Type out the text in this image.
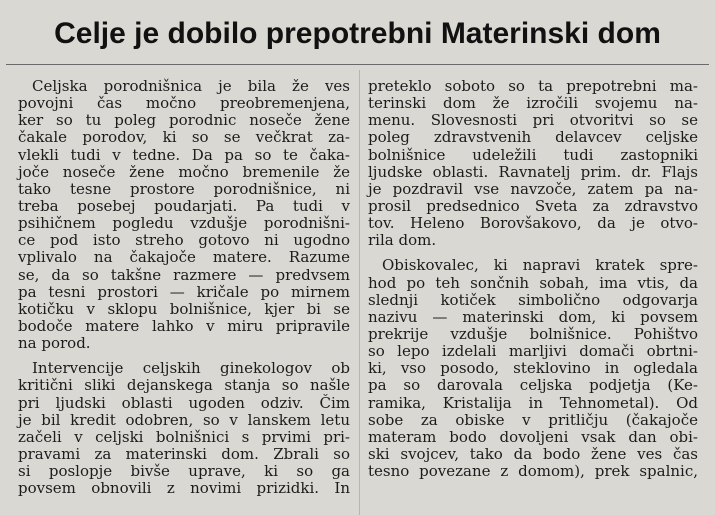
Celje je dobilo prepotrebni Materinski dom
Celjska porodnišnica je bila že ves
povojni čas močno preobremenjena,
ker so tu poleg porodnic noseče žene
čakale porodov, ki so se večkrat za-
vlekli tudi v tedne. Da pa so te čaka-
joče noseče žene močno bremenile že
tako tesne prostore porodnišnice, ni
treba posebej poudarjati. Pa tudi v
psihičnem pogledu vzdušje porodnišni-
ce pod isto streho gotovo ni ugodno
vplivalo na čakajoče matere. Razume
se, da so takšne razmere — predvsem
pa tesni prostori — kričale po mirnem
kotičku v sklopu bolnišnice, kjer bi se
bodoče matere lahko v miru pripravile
na porod.
Intervencije celjskih ginekologov ob
kritični sliki dejanskega stanja so našle
pri ljudski oblasti ugoden odziv. Čim
je bil kredit odobren, so v lanskem letu
začeli v celjski bolnišnici s prvimi pri-
pravami za materinski dom. Zbrali so
si poslopje bivše uprave, ki so ga
povsem obnovili z novimi prizidki. In
preteklo soboto so ta prepotrebni ma-
terinski dom že izročili svojemu na-
menu. Slovesnosti pri otvoritvi so se
poleg zdravstvenih delavcev celjske
bolnišnice udeležili tudi zastopniki
ljudske oblasti. Ravnatelj prim. dr. Flajs
je pozdravil vse navzoče, zatem pa na-
prosil predsednico Sveta za zdravstvo
tov. Heleno Borovšakovo, da je otvo-
rila dom.
Obiskovalec, ki napravi kratek spre-
hod po teh sončnih sobah, ima vtis, da
slednji kotiček simbolično odgovarja
nazivu — materinski dom, ki povsem
prekrije vzdušje bolnišnice. Pohištvo
so lepo izdelali marljivi domači obrtni-
ki, vso posodo, steklovino in ogledala
pa so darovala celjska podjetja (Ke-
ramika, Kristalija in Tehnometal). Od
sobe za obiske v pritličju (čakajoče
materam bodo dovoljeni vsak dan obi-
ski svojcev, tako da bodo žene ves čas
tesno povezane z domom), prek spalnic,
